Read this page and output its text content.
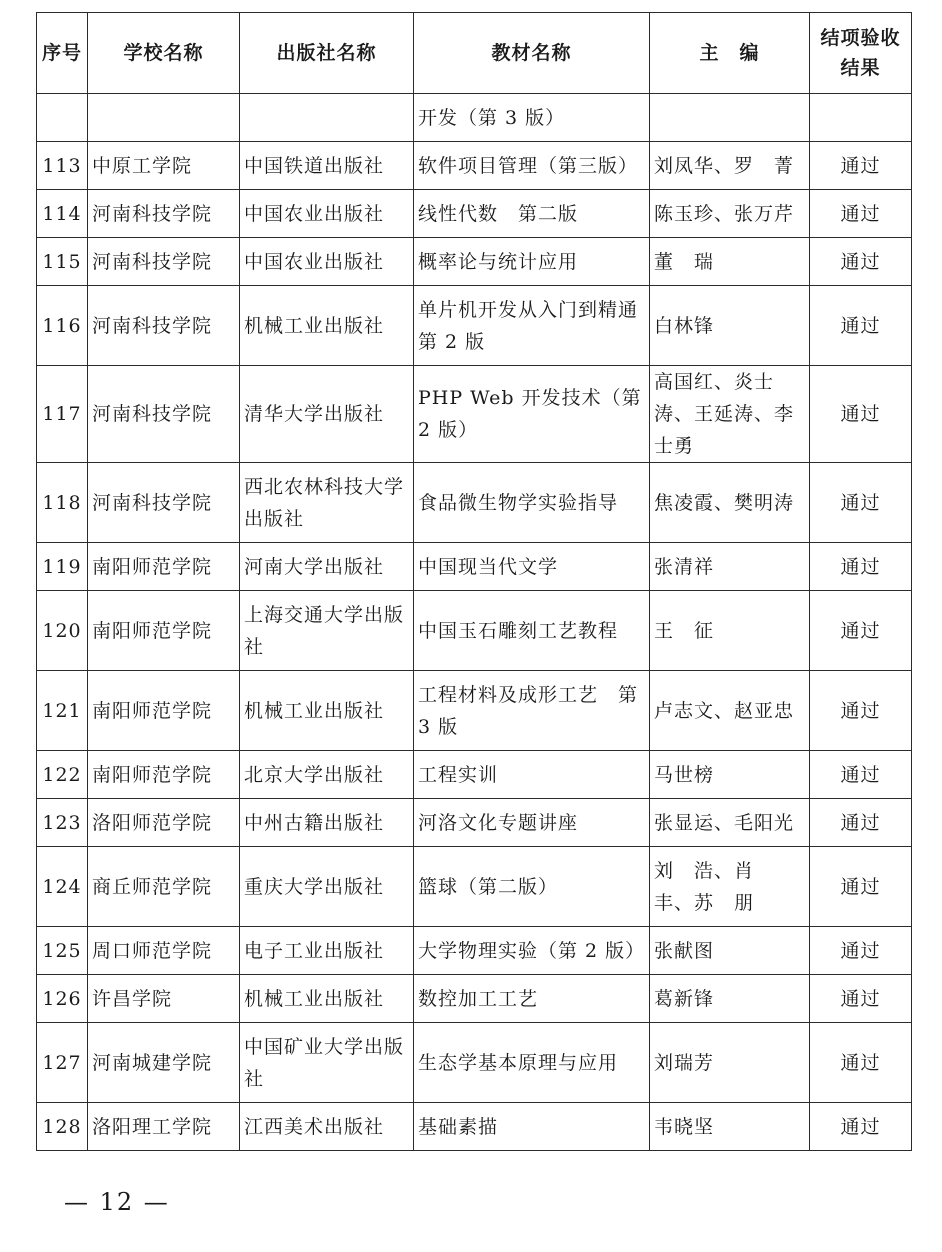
序号	学校名称	出版社名称	教材名称	主　编	结项验收结果
			开发（第 3 版）		
113	中原工学院	中国铁道出版社	软件项目管理（第三版）	刘凤华、罗　菁	通过
114	河南科技学院	中国农业出版社	线性代数　第二版	陈玉珍、张万芹	通过
115	河南科技学院	中国农业出版社	概率论与统计应用	董　瑞	通过
116	河南科技学院	机械工业出版社	单片机开发从入门到精通　第 2 版	白林锋	通过
117	河南科技学院	清华大学出版社	PHP Web 开发技术（第 2 版）	高国红、炎士涛、王延涛、李士勇	通过
118	河南科技学院	西北农林科技大学出版社	食品微生物学实验指导	焦凌霞、樊明涛	通过
119	南阳师范学院	河南大学出版社	中国现当代文学	张清祥	通过
120	南阳师范学院	上海交通大学出版社	中国玉石雕刻工艺教程	王　征	通过
121	南阳师范学院	机械工业出版社	工程材料及成形工艺　第 3 版	卢志文、赵亚忠	通过
122	南阳师范学院	北京大学出版社	工程实训	马世榜	通过
123	洛阳师范学院	中州古籍出版社	河洛文化专题讲座	张显运、毛阳光	通过
124	商丘师范学院	重庆大学出版社	篮球（第二版）	刘　浩、肖　丰、苏　朋	通过
125	周口师范学院	电子工业出版社	大学物理实验（第 2 版）	张献图	通过
126	许昌学院	机械工业出版社	数控加工工艺	葛新锋	通过
127	河南城建学院	中国矿业大学出版社	生态学基本原理与应用	刘瑞芳	通过
128	洛阳理工学院	江西美术出版社	基础素描	韦晓坚	通过
— 12 —
